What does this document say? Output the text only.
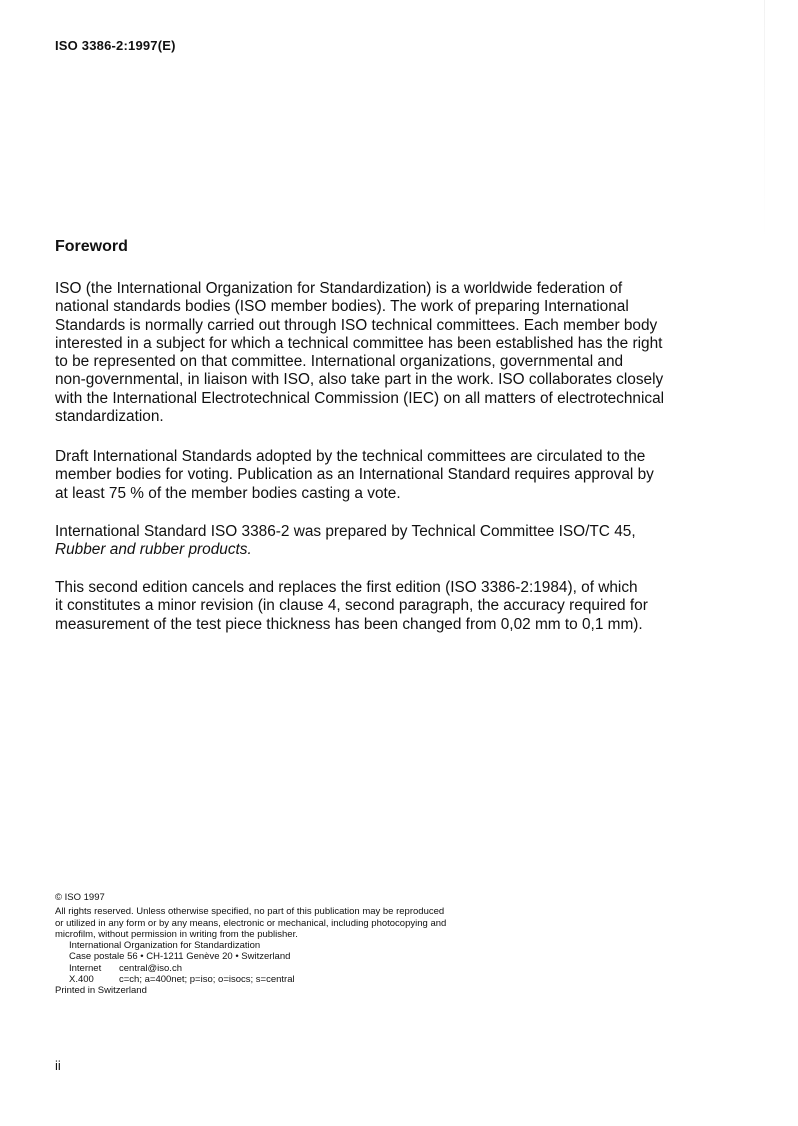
ISO 3386-2:1997(E)
Foreword
ISO (the International Organization for Standardization) is a worldwide federation of
national standards bodies (ISO member bodies). The work of preparing International
Standards is normally carried out through ISO technical committees. Each member body
interested in a subject for which a technical committee has been established has the right
to be represented on that committee. International organizations, governmental and
non-governmental, in liaison with ISO, also take part in the work. ISO collaborates closely
with the International Electrotechnical Commission (IEC) on all matters of electrotechnical
standardization.
Draft International Standards adopted by the technical committees are circulated to the
member bodies for voting. Publication as an International Standard requires approval by
at least 75 % of the member bodies casting a vote.
International Standard ISO 3386-2 was prepared by Technical Committee ISO/TC 45,
Rubber and rubber products.
This second edition cancels and replaces the first edition (ISO 3386-2:1984), of which
it constitutes a minor revision (in clause 4, second paragraph, the accuracy required for
measurement of the test piece thickness has been changed from 0,02 mm to 0,1 mm).
© ISO 1997
All rights reserved. Unless otherwise specified, no part of this publication may be reproduced
or utilized in any form or by any means, electronic or mechanical, including photocopying and
microfilm, without permission in writing from the publisher.
International Organization for Standardization
Case postale 56 • CH-1211 Genève 20 • Switzerland
Internet central@iso.ch
X.400	c=ch; a=400net; p=iso; o=isocs; s=central
Printed in Switzerland
ii
